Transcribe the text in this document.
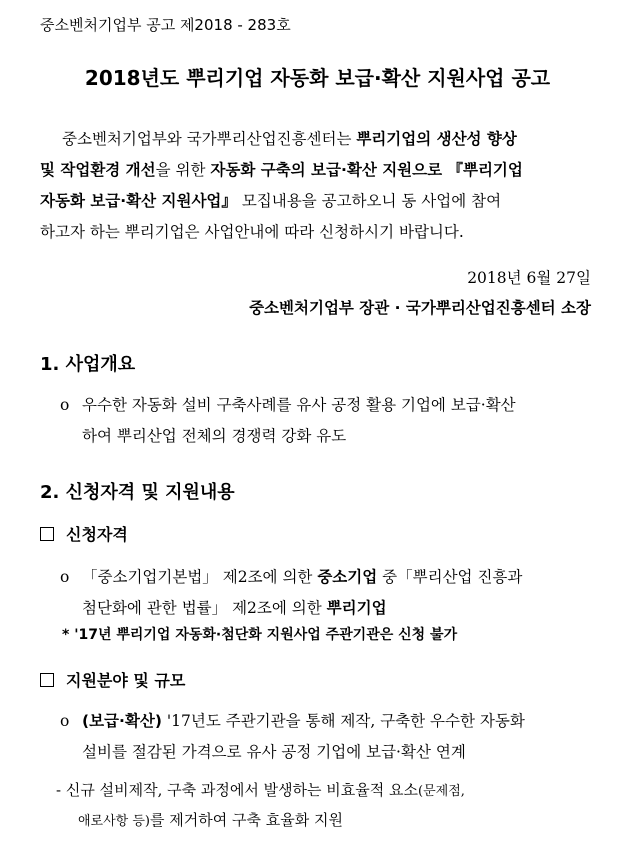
중소벤처기업부 공고 제2018 - 283호
2018년도 뿌리기업 자동화 보급·확산 지원사업 공고
중소벤처기업부와 국가뿌리산업진흥센터는 뿌리기업의 생산성 향상
및 작업환경 개선을 위한 자동화 구축의 보급·확산 지원으로 『뿌리기업
자동화 보급·확산 지원사업』 모집내용을 공고하오니 동 사업에 참여
하고자 하는 뿌리기업은 사업안내에 따라 신청하시기 바랍니다.
2018년 6월 27일
중소벤처기업부 장관 · 국가뿌리산업진흥센터 소장
1. 사업개요
ο 우수한 자동화 설비 구축사례를 유사 공정 활용 기업에 보급·확산
하여 뿌리산업 전체의 경쟁력 강화 유도
2. 신청자격 및 지원내용
신청자격
ο 「중소기업기본법」 제2조에 의한 중소기업 중「뿌리산업 진흥과
첨단화에 관한 법률」 제2조에 의한 뿌리기업
* '17년 뿌리기업 자동화·첨단화 지원사업 주관기관은 신청 불가
지원분야 및 규모
ο (보급·확산) '17년도 주관기관을 통해 제작, 구축한 우수한 자동화
설비를 절감된 가격으로 유사 공정 기업에 보급·확산 연계
- 신규 설비제작, 구축 과정에서 발생하는 비효율적 요소(문제점,
애로사항 등)를 제거하여 구축 효율화 지원
